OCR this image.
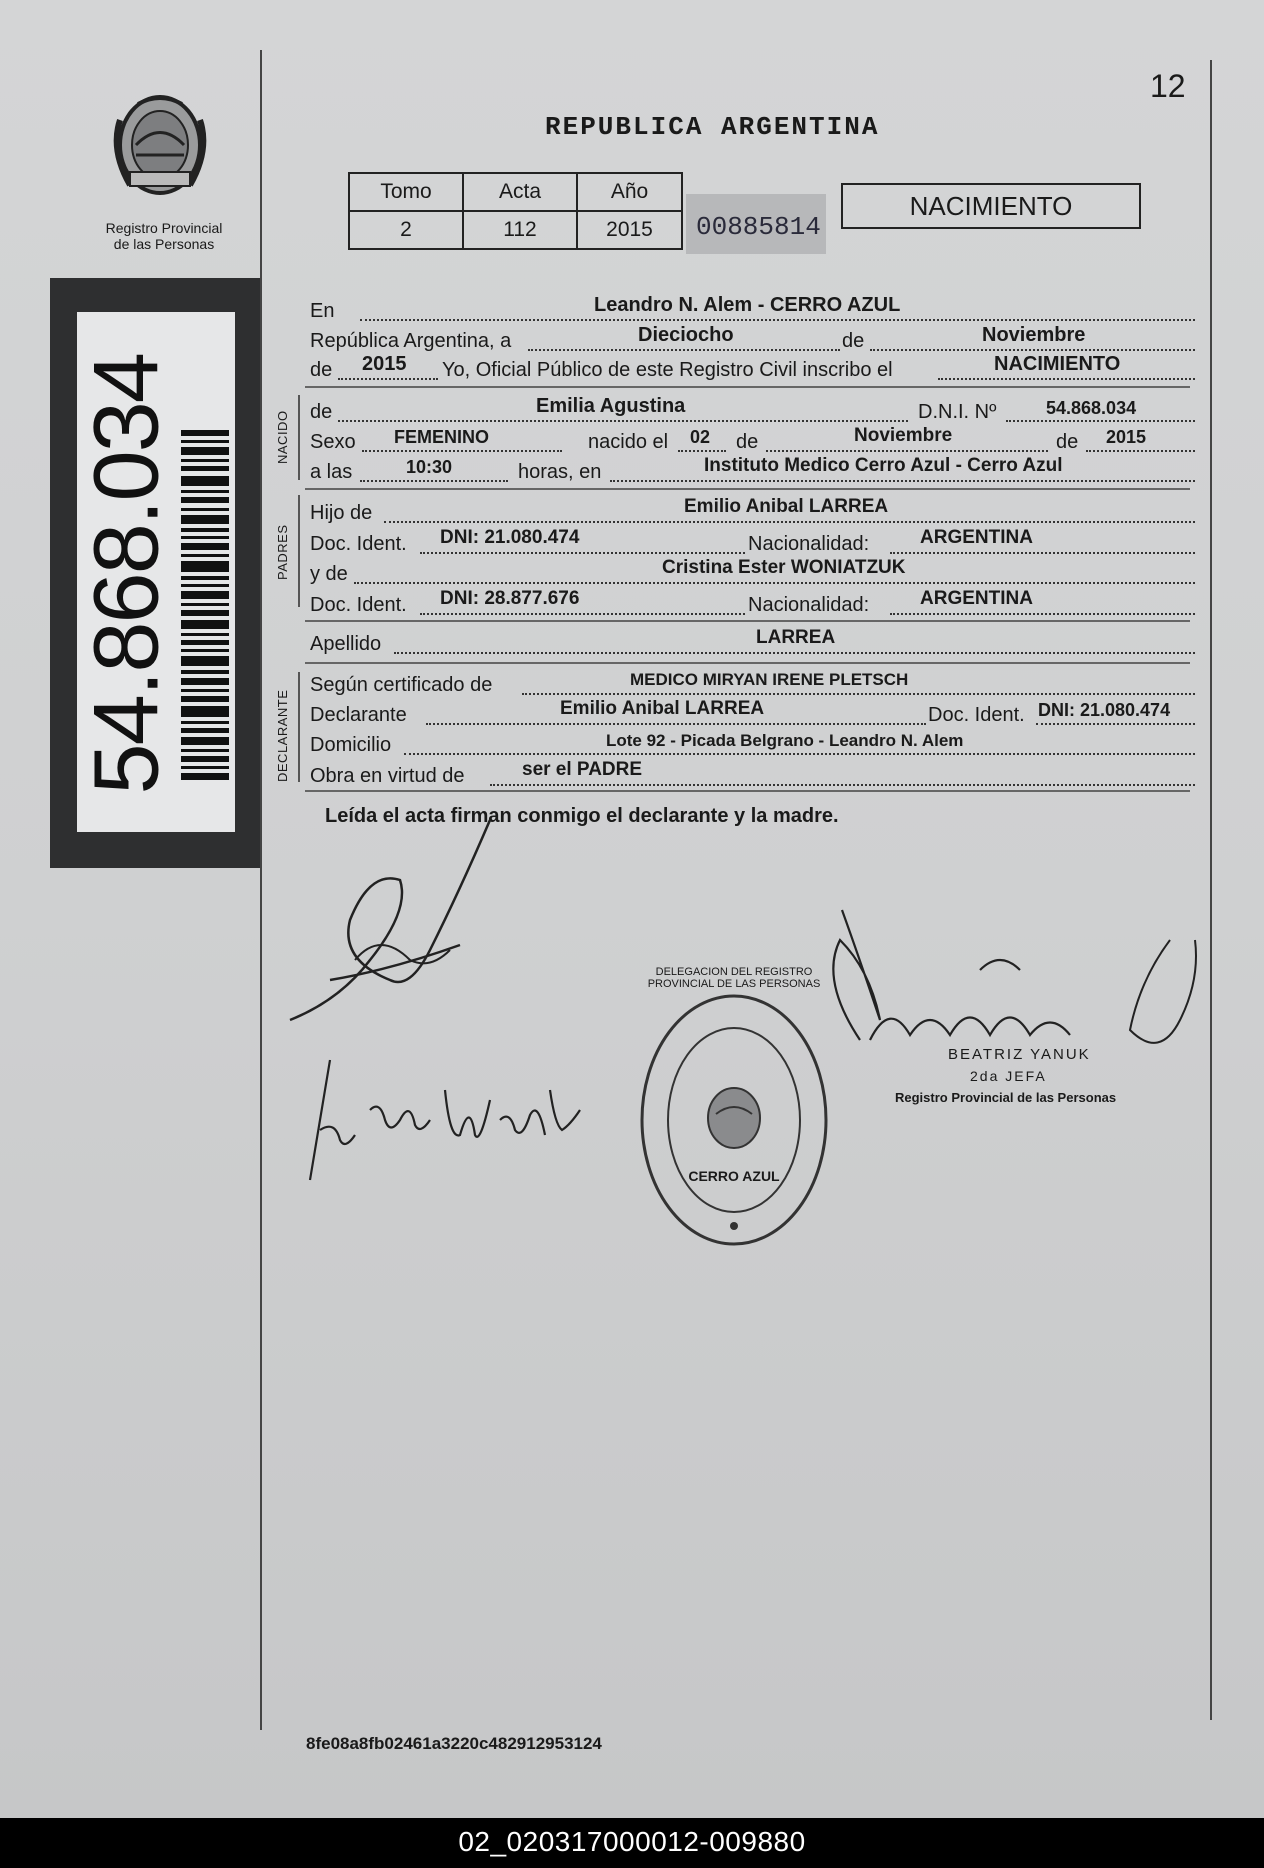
12
REPUBLICA ARGENTINA
Registro Provincial
de las Personas
54.868.034
Tomo	Acta	Año
2	112	2015 00885814
NACIMIENTO
NACIDO
PADRES
DECLARANTE
En	Leandro N. Alem - CERRO AZUL
República Argentina, a	Dieciocho	de	Noviembre
de 2015 Yo, Oficial Público de este Registro Civil inscribo el	NACIMIENTO
de	Emilia Agustina	D.N.I. Nº	54.868.034
Sexo FEMENINO	nacido el 02 de	Noviembre	de 2015
a las	10:30	horas, en	Instituto Medico Cerro Azul - Cerro Azul
Hijo de	Emilio Anibal LARREA
Doc. Ident. DNI: 21.080.474	Nacionalidad:	ARGENTINA
y de	Cristina Ester WONIATZUK
Doc. Ident. DNI: 28.877.676	Nacionalidad:	ARGENTINA
Apellido	LARREA
Según certificado de	MEDICO MIRYAN IRENE PLETSCH
Declarante	Emilio Anibal LARREA	Doc. Ident. DNI: 21.080.474
Domicilio	Lote 92 - Picada Belgrano - Leandro N. Alem
Obra en virtud de	ser el PADRE
Leída el acta firman conmigo el declarante y la madre.
BEATRIZ YANUK
2da JEFA
Registro Provincial de las Personas
DELEGACION DEL REGISTRO PROVINCIAL DE LAS PERSONAS
CERRO AZUL
8fe08a8fb02461a3220c482912953124
02_020317000012-009880
